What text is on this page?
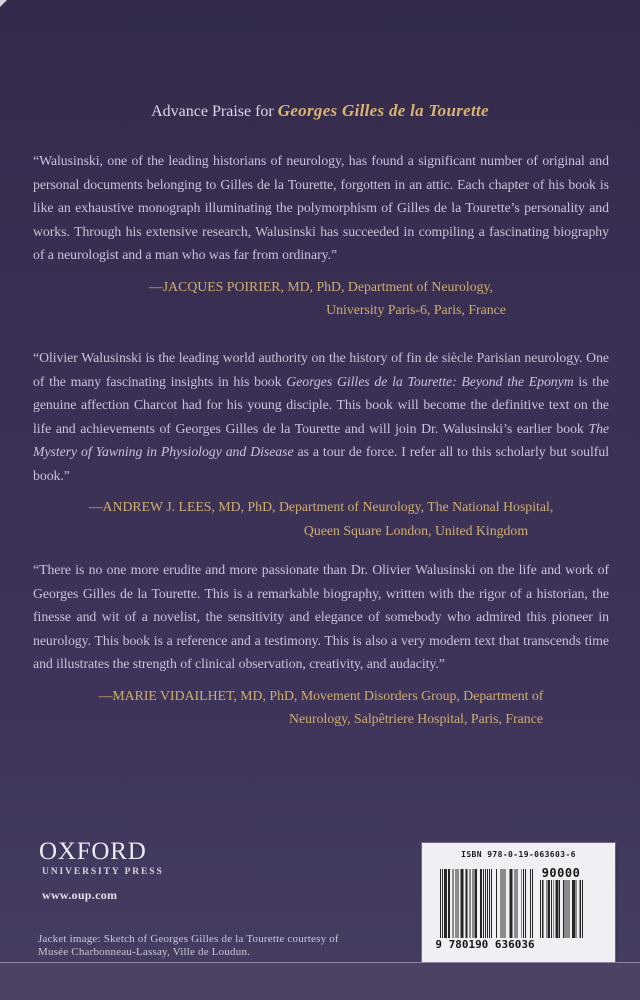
Advance Praise for Georges Gilles de la Tourette

“Walusinski, one of the leading historians of neurology, has found a significant number of original and personal documents belonging to Gilles de la Tourette, forgotten in an attic. Each chapter of his book is like an exhaustive monograph illuminating the polymorphism of Gilles de la Tourette’s personality and works. Through his extensive research, Walusinski has succeeded in compiling a fascinating biography of a neurologist and a man who was far from ordinary.”

—JACQUES POIRIER, MD, PhD, Department of Neurology,
University Paris-6, Paris, France

“Olivier Walusinski is the leading world authority on the history of fin de siècle Parisian neurology. One of the many fascinating insights in his book Georges Gilles de la Tourette: Beyond the Eponym is the genuine affection Charcot had for his young disciple. This book will become the definitive text on the life and achievements of Georges Gilles de la Tourette and will join Dr. Walusinski’s earlier book The Mystery of Yawning in Physiology and Disease as a tour de force. I refer all to this scholarly but soulful book.”

—ANDREW J. LEES, MD, PhD, Department of Neurology, The National Hospital,
Queen Square London, United Kingdom

“There is no one more erudite and more passionate than Dr. Olivier Walusinski on the life and work of Georges Gilles de la Tourette. This is a remarkable biography, written with the rigor of a historian, the finesse and wit of a novelist, the sensitivity and elegance of somebody who admired this pioneer in neurology. This book is a reference and a testimony. This is also a very modern text that transcends time and illustrates the strength of clinical observation, creativity, and audacity.”

—MARIE VIDAILHET, MD, PhD, Movement Disorders Group, Department of
Neurology, Salpêtriere Hospital, Paris, France
OXFORD
UNIVERSITY PRESS
www.oup.com
Jacket image: Sketch of Georges Gilles de la Tourette courtesy of
Musée Charbonneau-Lassay, Ville de Loudun.
ISBN 978-0-19-063603-6
90000
9 780190 636036
